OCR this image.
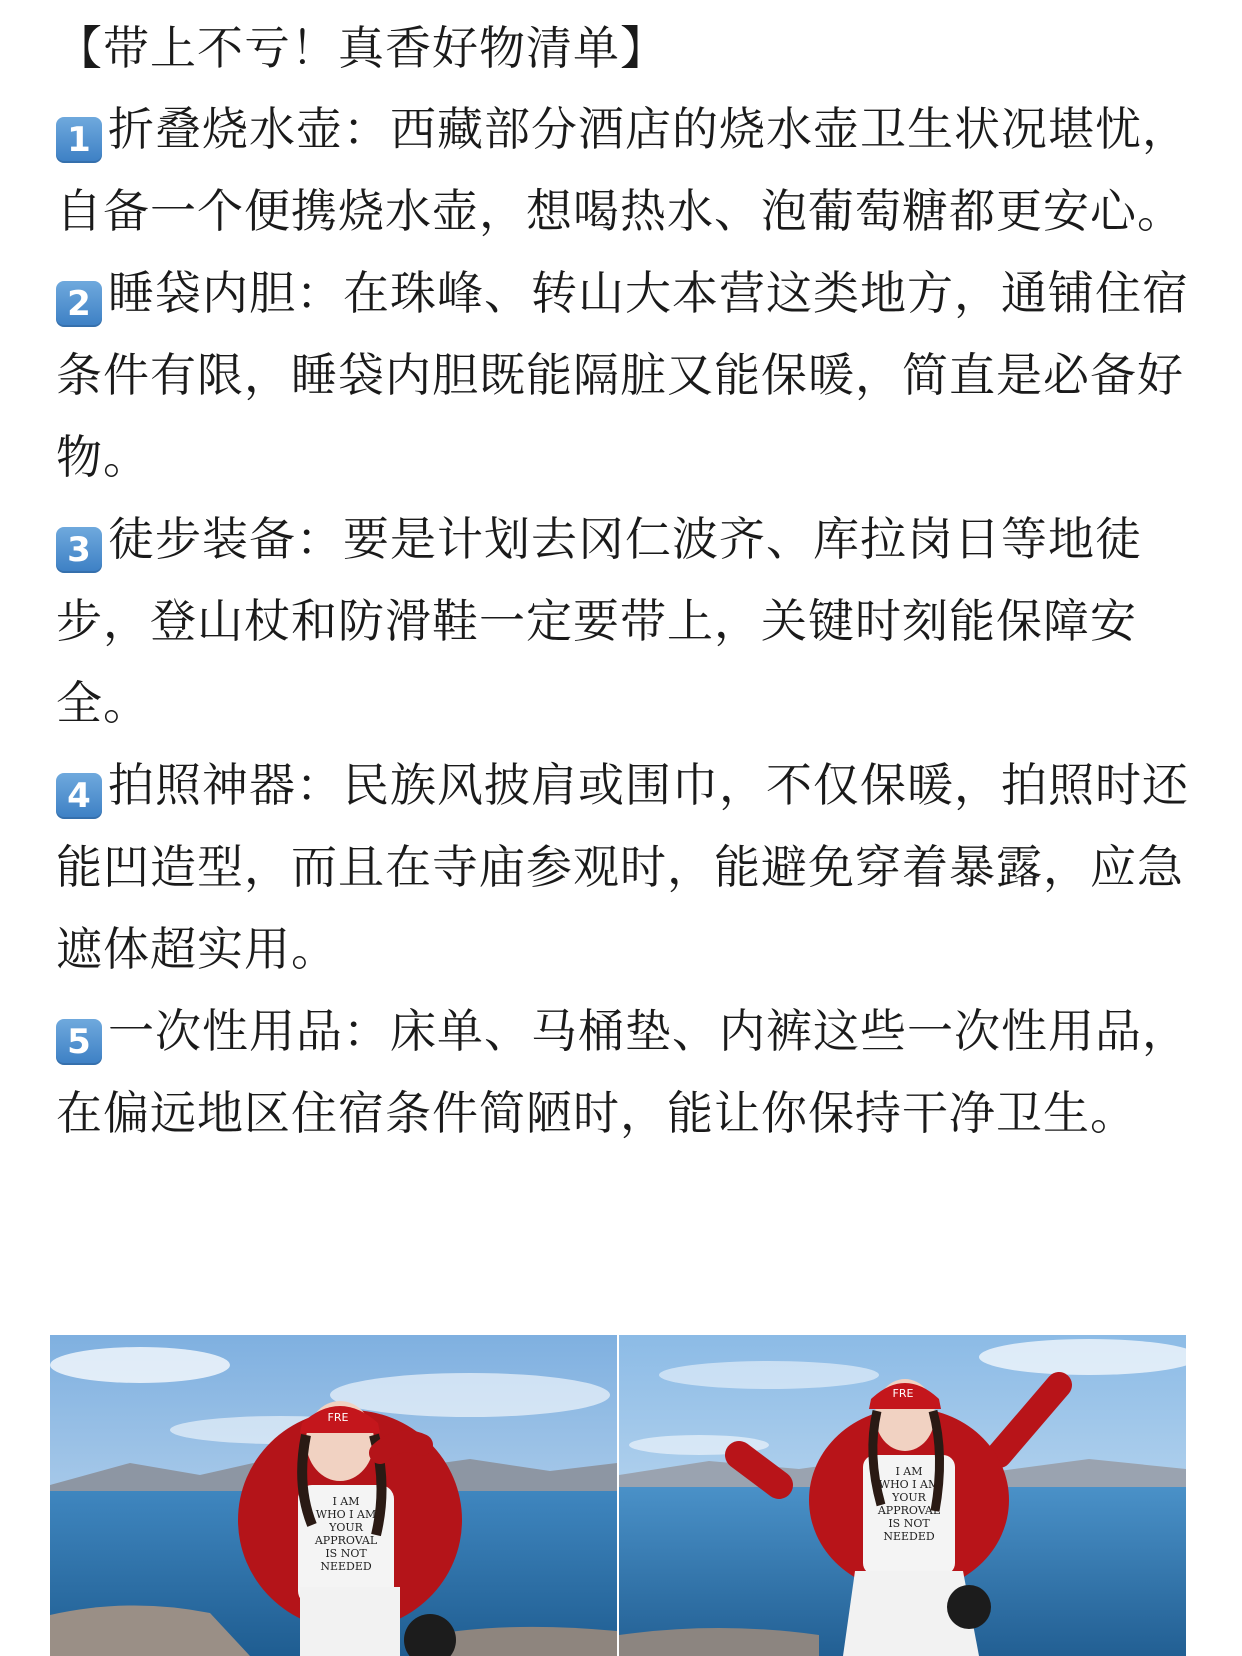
【带上不亏！真香好物清单】

1 折叠烧水壶：西藏部分酒店的烧水壶卫生状况堪忧，自备一个便携烧水壶，想喝热水、泡葡萄糖都更安心。

2 睡袋内胆：在珠峰、转山大本营这类地方，通铺住宿条件有限，睡袋内胆既能隔脏又能保暖，简直是必备好物。

3 徒步装备：要是计划去冈仁波齐、库拉岗日等地徒步，登山杖和防滑鞋一定要带上，关键时刻能保障安全。

4 拍照神器：民族风披肩或围巾，不仅保暖，拍照时还能凹造型，而且在寺庙参观时，能避免穿着暴露，应急遮体超实用。

5 一次性用品：床单、马桶垫、内裤这些一次性用品，在偏远地区住宿条件简陋时，能让你保持干净卫生。

I AM
WHO I AM
YOUR
APPROVAL
IS NOT
NEEDED
FRE
I AM
WHO I AM
YOUR
APPROVAL
IS NOT
NEEDED
FRE
